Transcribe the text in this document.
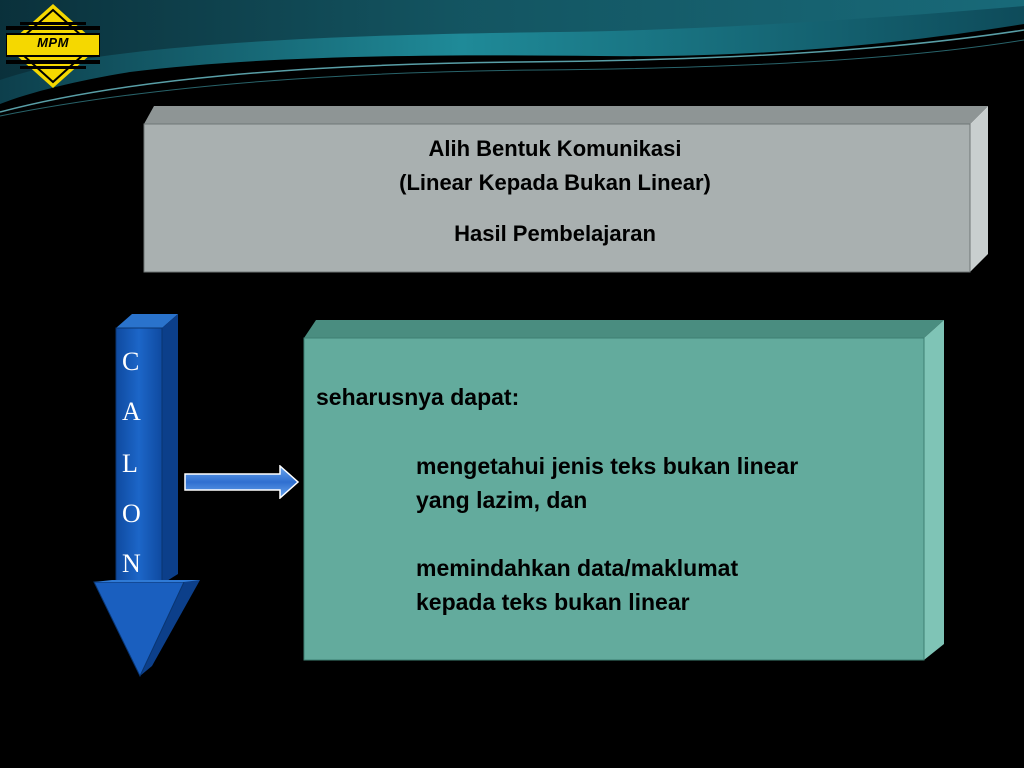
MPM
Alih Bentuk Komunikasi
(Linear Kepada Bukan Linear)
Hasil Pembelajaran
C
A
L
O
N
seharusnya dapat:
mengetahui jenis teks bukan linear
yang lazim, dan
memindahkan data/maklumat
kepada teks bukan linear
